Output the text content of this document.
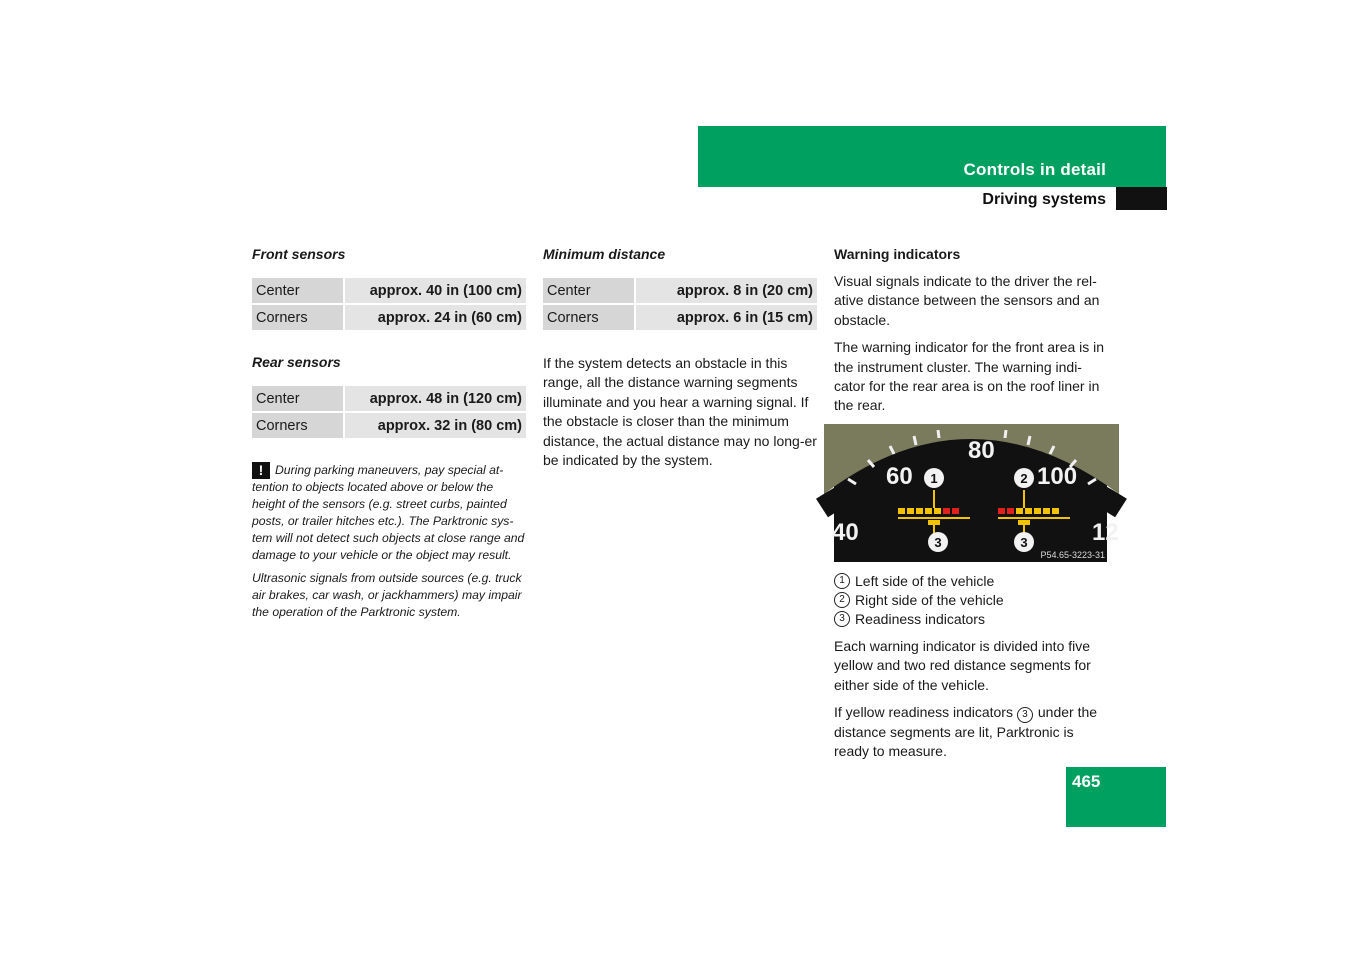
Controls in detail
Driving systems
Front sensors
Center	approx. 40 in (100 cm)
Corners	approx. 24 in (60 cm)
Rear sensors
Center	approx. 48 in (120 cm)
Corners	approx. 32 in (80 cm)

! During parking maneuvers, pay special at-tention to objects located above or below the height of the sensors (e.g. street curbs, painted posts, or trailer hitches etc.). The Parktronic sys-tem will not detect such objects at close range and damage to your vehicle or the object may result.

Ultrasonic signals from outside sources (e.g. truck air brakes, car wash, or jackhammers) may impair the operation of the Parktronic system.

Minimum distance
Center	approx. 8 in (20 cm)
Corners	approx. 6 in (15 cm)

If the system detects an obstacle in this range, all the distance warning segments illuminate and you hear a warning signal. If the obstacle is closer than the minimum distance, the actual distance may no long-er be indicated by the system.

Warning indicators

Visual signals indicate to the driver the rel-ative distance between the sensors and an obstacle.

The warning indicator for the front area is in the instrument cluster. The warning indi-cator for the rear area is on the roof liner in the rear.

40
60
80
100
12
1	2
3	3
P54.65-3223-31
1 Left side of the vehicle
2 Right side of the vehicle
3 Readiness indicators

Each warning indicator is divided into five yellow and two red distance segments for either side of the vehicle.

If yellow readiness indicators 3 under the distance segments are lit, Parktronic is ready to measure.

465
